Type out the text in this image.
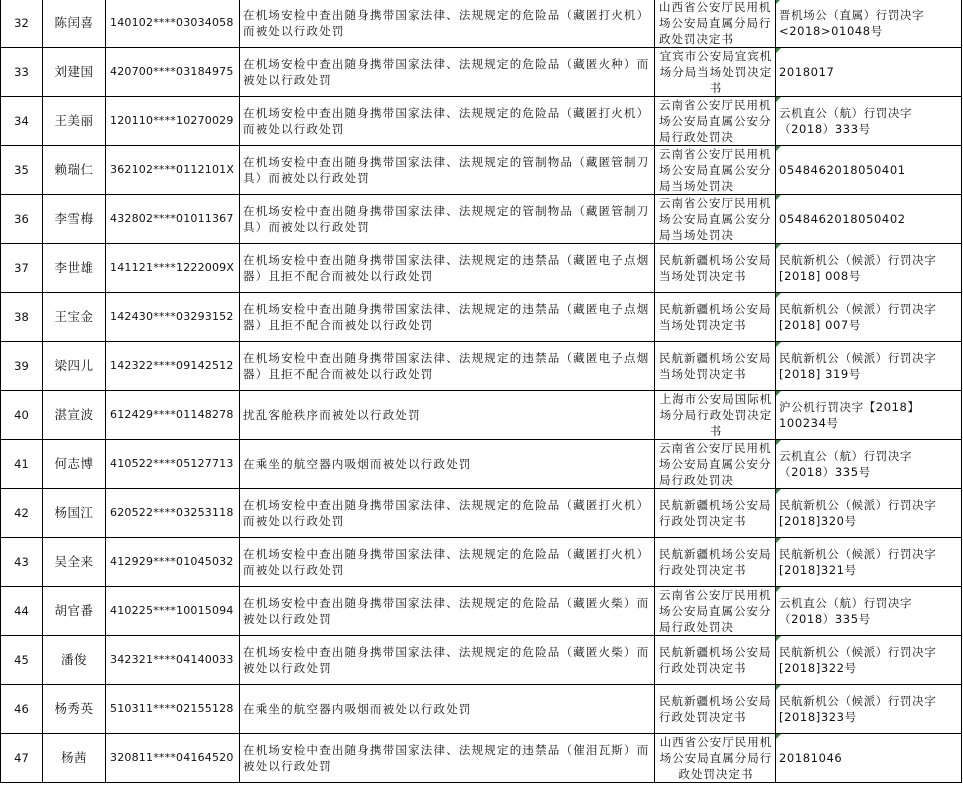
32	陈闰喜	140102****03034058	在机场安检中查出随身携带国家法律、法规规定的危险品（藏匿打火机）而被处以行政处罚	山西省公安厅民用机场公安局直属分局行政处罚决定书	晋机场公（直属）行罚决字<2018>01048号
33	刘建国	420700****03184975	在机场安检中查出随身携带国家法律、法规规定的危险品（藏匿火种）而被处以行政处罚	宜宾市公安局宜宾机场分局当场处罚决定书	2018017
34	王美丽	120110****10270029	在机场安检中查出随身携带国家法律、法规规定的危险品（藏匿打火机）而被处以行政处罚	云南省公安厅民用机场公安局直属公安分局行政处罚决	云机直公（航）行罚决字（2018）333号
35	赖瑞仁	362102****0112101X	在机场安检中查出随身携带国家法律、法规规定的管制物品（藏匿管制刀具）而被处以行政处罚	云南省公安厅民用机场公安局直属公安分局当场处罚决	0548462018050401
36	李雪梅	432802****01011367	在机场安检中查出随身携带国家法律、法规规定的管制物品（藏匿管制刀具）而被处以行政处罚	云南省公安厅民用机场公安局直属公安分局当场处罚决	0548462018050402
37	李世雄	141121****1222009X	在机场安检中查出随身携带国家法律、法规规定的违禁品（藏匿电子点烟器）且拒不配合而被处以行政处罚	民航新疆机场公安局当场处罚决定书	民航新机公（候派）行罚决字[2018] 008号
38	王宝金	142430****03293152	在机场安检中查出随身携带国家法律、法规规定的违禁品（藏匿电子点烟器）且拒不配合而被处以行政处罚	民航新疆机场公安局当场处罚决定书	民航新机公（候派）行罚决字[2018] 007号
39	梁四儿	142322****09142512	在机场安检中查出随身携带国家法律、法规规定的违禁品（藏匿电子点烟器）且拒不配合而被处以行政处罚	民航新疆机场公安局当场处罚决定书	民航新机公（候派）行罚决字[2018] 319号
40	湛宣波	612429****01148278	扰乱客舱秩序而被处以行政处罚	上海市公安局国际机场分局行政处罚决定书	沪公机行罚决字【2018】100234号
41	何志博	410522****05127713	在乘坐的航空器内吸烟而被处以行政处罚	云南省公安厅民用机场公安局直属公安分局行政处罚决	云机直公（航）行罚决字（2018）335号
42	杨国江	620522****03253118	在机场安检中查出随身携带国家法律、法规规定的危险品（藏匿打火机）而被处以行政处罚	民航新疆机场公安局行政处罚决定书	民航新机公（候派）行罚决字[2018]320号
43	吴全来	412929****01045032	在机场安检中查出随身携带国家法律、法规规定的危险品（藏匿打火机）而被处以行政处罚	民航新疆机场公安局行政处罚决定书	民航新机公（候派）行罚决字[2018]321号
44	胡官番	410225****10015094	在机场安检中查出随身携带国家法律、法规规定的危险品（藏匿火柴）而被处以行政处罚	云南省公安厅民用机场公安局直属公安分局行政处罚决	云机直公（航）行罚决字（2018）335号
45	潘俊	342321****04140033	在机场安检中查出随身携带国家法律、法规规定的危险品（藏匿火柴）而被处以行政处罚	民航新疆机场公安局行政处罚决定书	民航新机公（候派）行罚决字[2018]322号
46	杨秀英	510311****02155128	在乘坐的航空器内吸烟而被处以行政处罚	民航新疆机场公安局行政处罚决定书	民航新机公（候派）行罚决字[2018]323号
47	杨茜	320811****04164520	在机场安检中查出随身携带国家法律、法规规定的违禁品（催泪瓦斯）而被处以行政处罚	山西省公安厅民用机场公安局直属分局行政处罚决定书	20181046
